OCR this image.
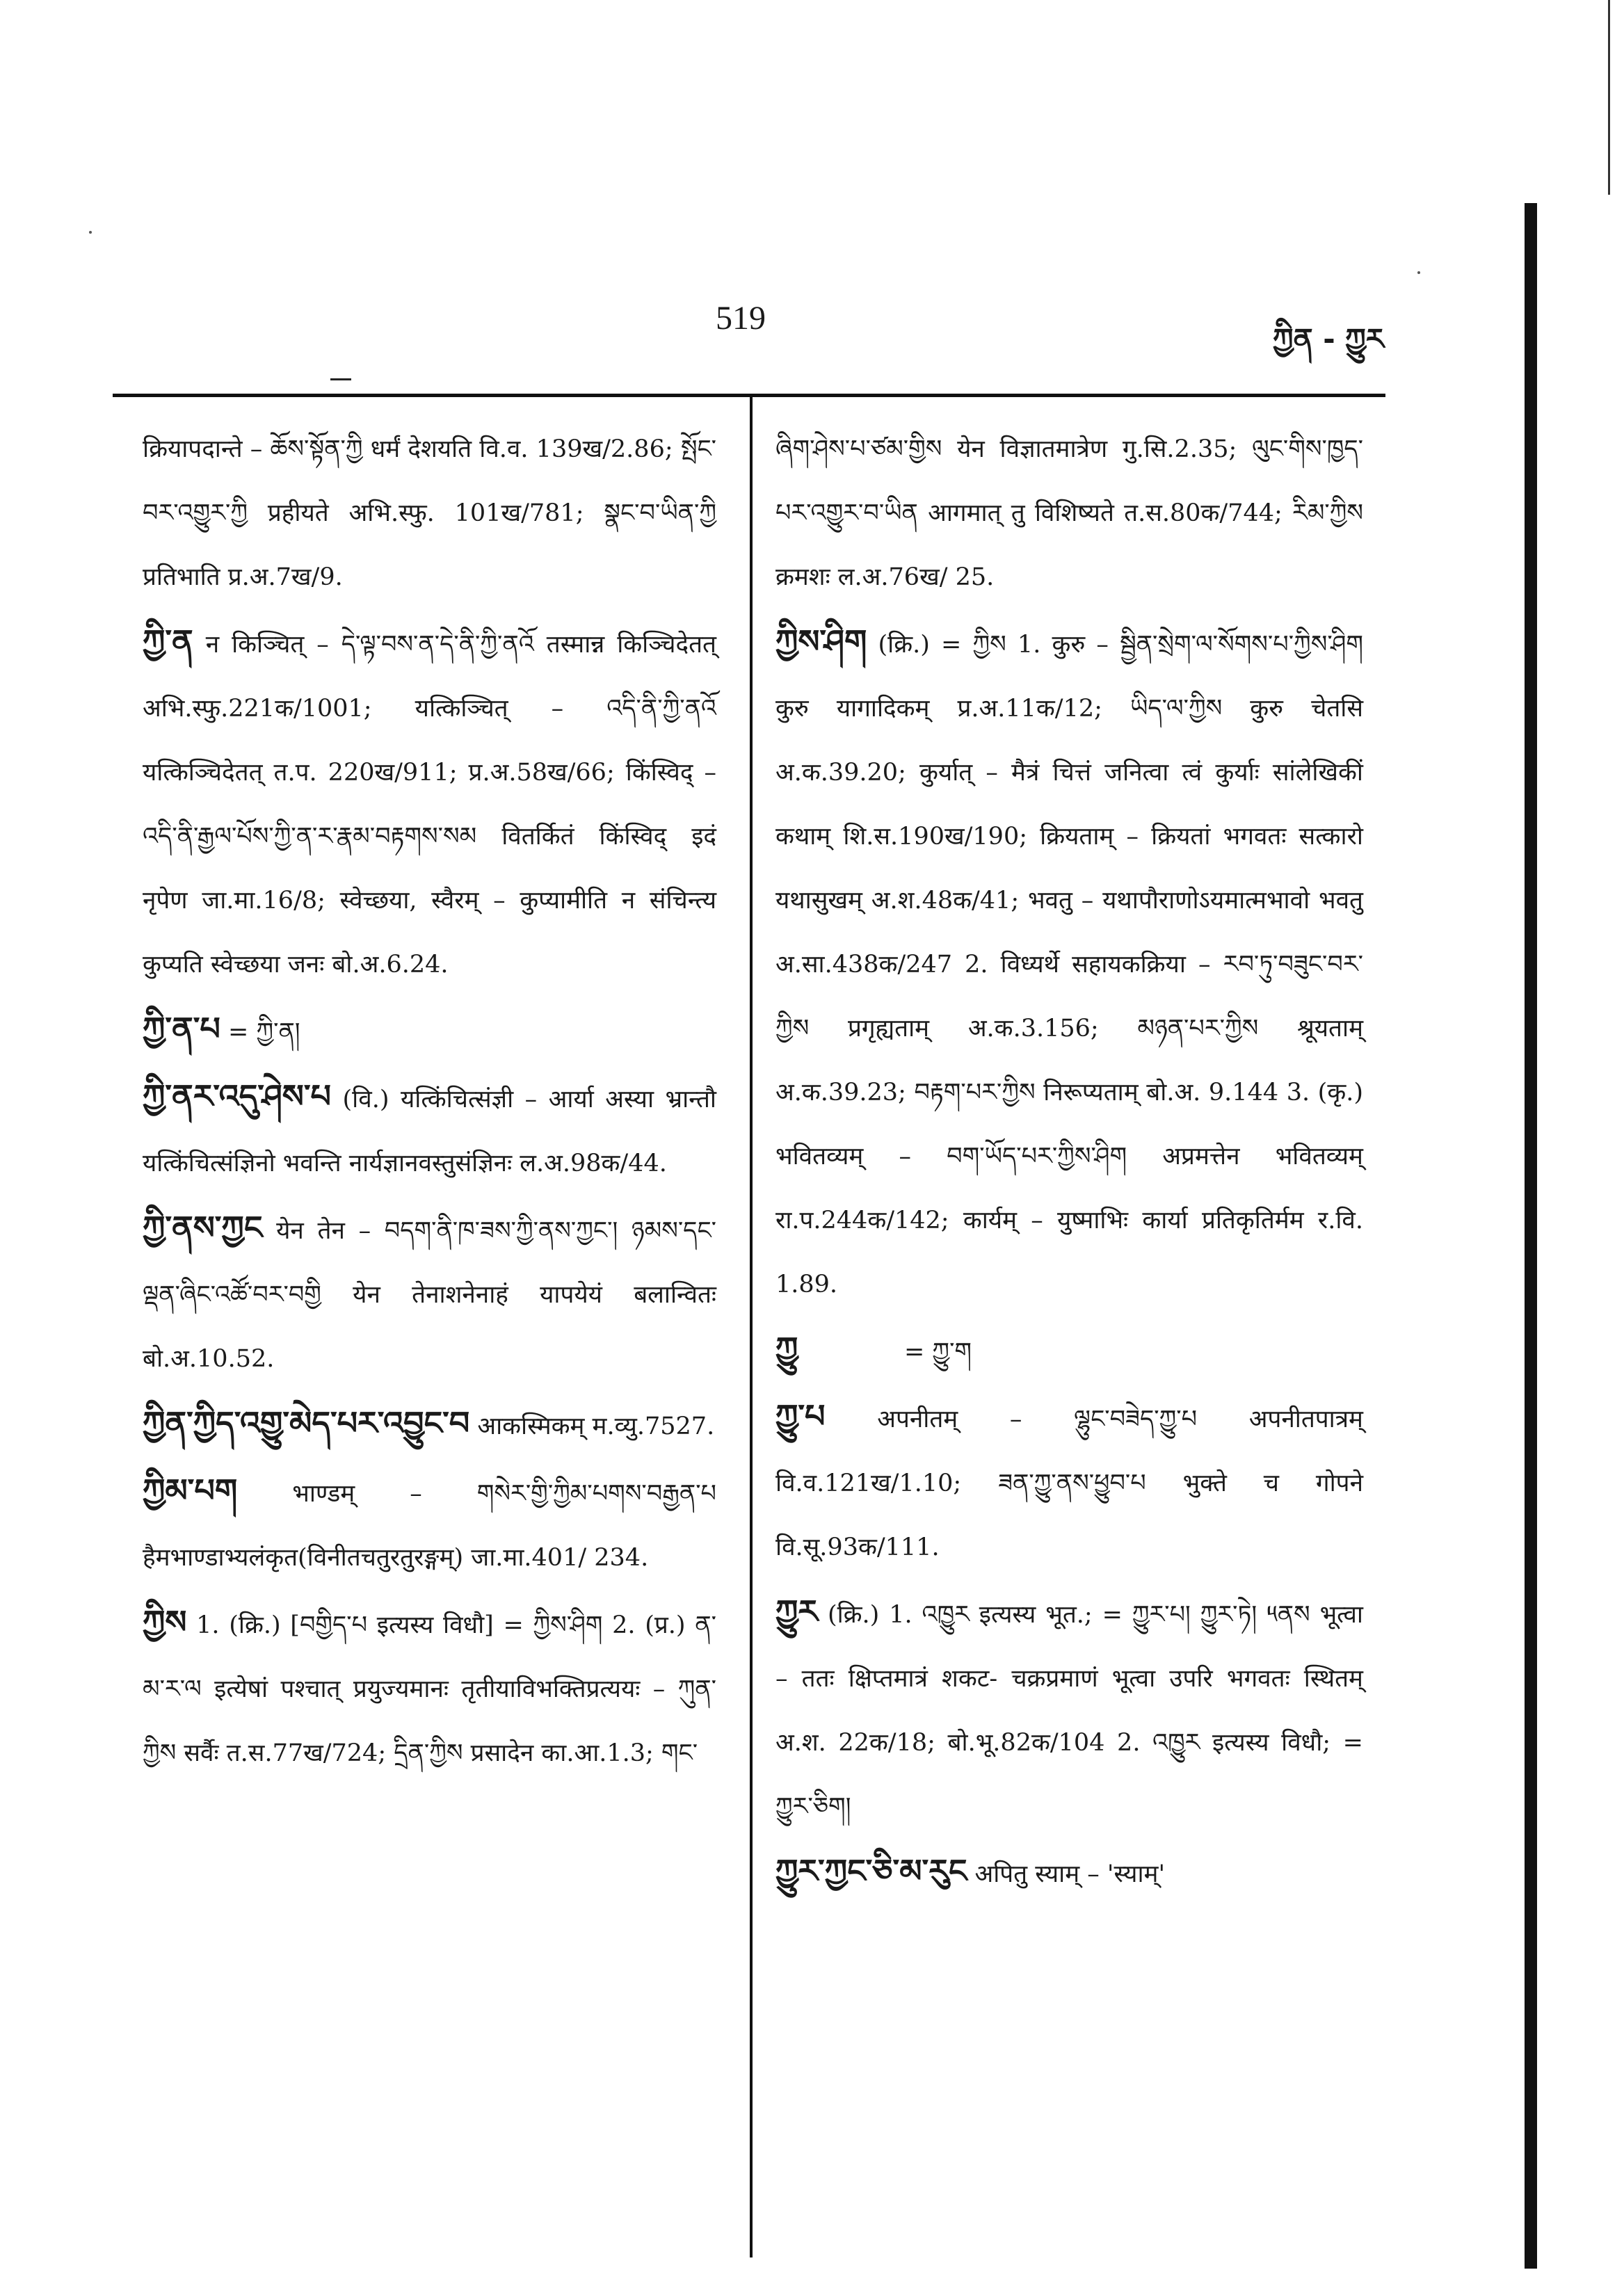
519
ཀྱིན - ཀྱུར

क्रियापदान्ते – ཆོས་སྟོན་ཀྱི धर्मं देशयति वि.व. 139ख/2.86; སྤོང་བར་འགྱུར་ཀྱི प्रहीयते अभि.स्फु. 101ख/781; སྣང་བ་ཡིན་ཀྱི प्रतिभाति प्र.अ.7ख/9.

ཀྱི་ན न किञ्चित् – དེ་ལྟ་བས་ན་དེ་ནི་ཀྱི་ནའོ तस्मान्न किञ्चिदेतत् अभि.स्फु.221क/1001; यत्किञ्चित् – འདི་ནི་ཀྱི་ནའོ यत्किञ्चिदेतत् त.प. 220ख/911; प्र.अ.58ख/66; किंस्विद् – འདི་ནི་རྒྱལ་པོས་ཀྱི་ན་ར་རྣམ་བརྟགས་སམ वितर्कितं किंस्विद् इदं नृपेण जा.मा.16/8; स्वेच्छया, स्वैरम् – कुप्यामीति न संचिन्त्य कुप्यति स्वेच्छया जनः बो.अ.6.24.

ཀྱི་ན་པ = ཀྱི་ན།

ཀྱི་ནར་འདུ་ཤེས་པ (वि.) यत्किंचित्संज्ञी – आर्या अस्या भ्रान्तौ यत्किंचित्संज्ञिनो भवन्ति नार्यज्ञानवस्तुसंज्ञिनः ल.अ.98क/44.

ཀྱི་ནས་ཀྱང येन तेन – བདག་ནི་ཁ་ཟས་ཀྱི་ནས་ཀྱང་། ཉམས་དང་ལྡན་ཞིང་འཚོ་བར་བགྱི येन तेनाशनेनाहं यापयेयं बलान्वितः बो.अ.10.52.

ཀྱིན་ཀྱིད་འགྱུ་མེད་པར་འབྱུང་བ आकस्मिकम् म.व्यु.7527.

ཀྱིམ་པག भाण्डम् – གསེར་གྱི་ཀྱིམ་པགས་བརྒྱན་པ हैमभाण्डाभ्यलंकृत(विनीतचतुरतुरङ्गम्) जा.मा.401/ 234.

ཀྱིས 1. (क्रि.) [བགྱིད་པ इत्यस्य विधौ] = ཀྱིས་ཤིག 2. (प्र.) ན་མ་ར་ལ इत्येषां पश्चात् प्रयुज्यमानः तृतीयाविभक्तिप्रत्ययः – ཀུན་ཀྱིས सर्वैः त.स.77ख/724; དྲིན་ཀྱིས प्रसादेन का.आ.1.3; གང་

ཞིག་ཤེས་པ་ཙམ་གྱིས येन विज्ञातमात्रेण गु.सि.2.35; ལུང་གིས་ཁྱད་པར་འགྱུར་བ་ཡིན आगमात् तु विशिष्यते त.स.80क/744; རིམ་ཀྱིས क्रमशः ल.अ.76ख/ 25.

ཀྱིས་ཤིག (क्रि.) = ཀྱིས 1. कुरु – སྦྱིན་སྲེག་ལ་སོགས་པ་ཀྱིས་ཤིག कुरु यागादिकम् प्र.अ.11क/12; ཡིད་ལ་ཀྱིས कुरु चेतसि अ.क.39.20; कुर्यात् – मैत्रं चित्तं जनित्वा त्वं कुर्याः सांलेखिकीं कथाम् शि.स.190ख/190; क्रियताम् – क्रियतां भगवतः सत्कारो यथासुखम् अ.श.48क/41; भवतु – यथापौराणोऽयमात्मभावो भवतु अ.सा.438क/247 2. विध्यर्थे सहायकक्रिया – རབ་ཏུ་བཟུང་བར་ཀྱིས प्रगृह्यताम् अ.क.3.156; མཉན་པར་ཀྱིས श्रूयताम् अ.क.39.23; བརྟག་པར་ཀྱིས निरूप्यताम् बो.अ. 9.144 3. (कृ.) भवितव्यम् – བག་ཡོད་པར་ཀྱིས་ཤིག अप्रमत्तेन भवितव्यम् रा.प.244क/142; कार्यम् – युष्माभिः कार्या प्रतिकृतिर्मम र.वि. 1.89.

ཀྱུ	= ཀྱུ་ག

ཀྱུ་པ अपनीतम् – ལྷུང་བཟེད་ཀྱུ་པ अपनीतपात्रम् वि.व.121ख/1.10; ཟན་ཀྱུ་ནས་ཕྱུབ་པ भुक्ते च गोपने वि.सू.93क/111.

ཀྱུར (क्रि.) 1. འཁྱུར इत्यस्य भूत.; = ཀྱུར་པ། ཀྱུར་ཏེ། ༥ནས भूत्वा – ततः क्षिप्तमात्रं शकट- चक्रप्रमाणं भूत्वा उपरि भगवतः स्थितम् अ.श. 22क/18; बो.भू.82क/104 2. འཁྱུར इत्यस्य विधौ; = ཀྱུར་ཅིག།

ཀྱུར་ཀྱང་ཅི་མ་རུང अपितु स्याम् – 'स्याम्'
